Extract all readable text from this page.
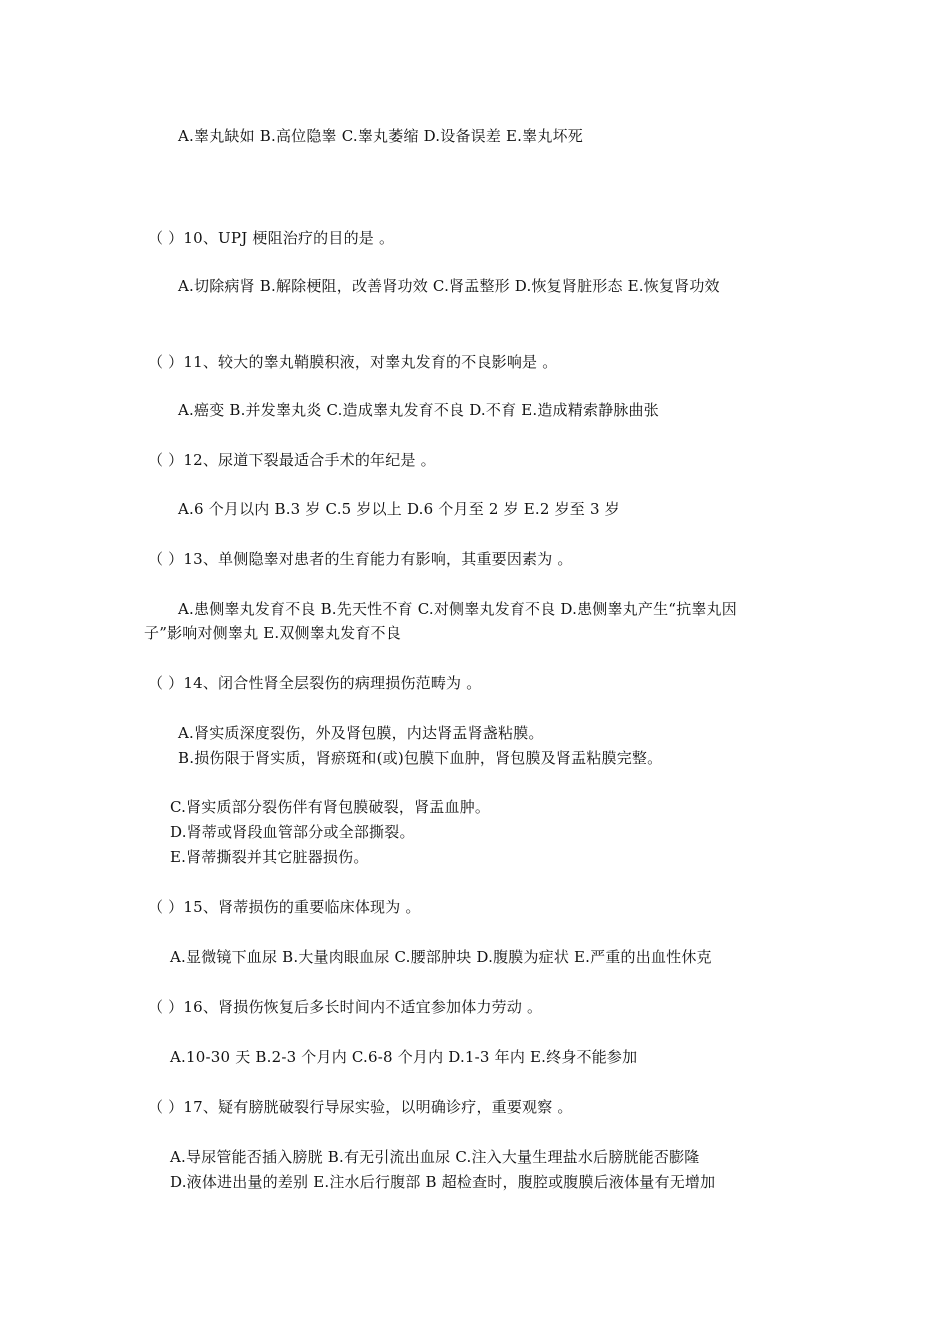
A.睾丸缺如 B.高位隐睾 C.睾丸萎缩 D.设备误差 E.睾丸坏死
（ ）10、UPJ 梗阻治疗的目的是 。
A.切除病肾 B.解除梗阻，改善肾功效 C.肾盂整形 D.恢复肾脏形态 E.恢复肾功效
（ ）11、较大的睾丸鞘膜积液，对睾丸发育的不良影响是 。
A.癌变 B.并发睾丸炎 C.造成睾丸发育不良 D.不育 E.造成精索静脉曲张
（ ）12、尿道下裂最适合手术的年纪是 。
A.6 个月以内 B.3 岁 C.5 岁以上 D.6 个月至 2 岁 E.2 岁至 3 岁
（ ）13、单侧隐睾对患者的生育能力有影响，其重要因素为 。
A.患侧睾丸发育不良 B.先天性不育 C.对侧睾丸发育不良 D.患侧睾丸产生“抗睾丸因
子”影响对侧睾丸 E.双侧睾丸发育不良
（ ）14、闭合性肾全层裂伤的病理损伤范畴为 。
A.肾实质深度裂伤，外及肾包膜，内达肾盂肾盏粘膜。
B.损伤限于肾实质，肾瘀斑和(或)包膜下血肿，肾包膜及肾盂粘膜完整。
C.肾实质部分裂伤伴有肾包膜破裂，肾盂血肿。
D.肾蒂或肾段血管部分或全部撕裂。
E.肾蒂撕裂并其它脏器损伤。
（ ）15、肾蒂损伤的重要临床体现为 。
A.显微镜下血尿 B.大量肉眼血尿 C.腰部肿块 D.腹膜为症状 E.严重的出血性休克
（ ）16、肾损伤恢复后多长时间内不适宜参加体力劳动 。
A.10-30 天 B.2-3 个月内 C.6-8 个月内 D.1-3 年内 E.终身不能参加
（ ）17、疑有膀胱破裂行导尿实验，以明确诊疗，重要观察 。
A.导尿管能否插入膀胱 B.有无引流出血尿 C.注入大量生理盐水后膀胱能否膨隆
D.液体进出量的差别 E.注水后行腹部 B 超检查时，腹腔或腹膜后液体量有无增加
